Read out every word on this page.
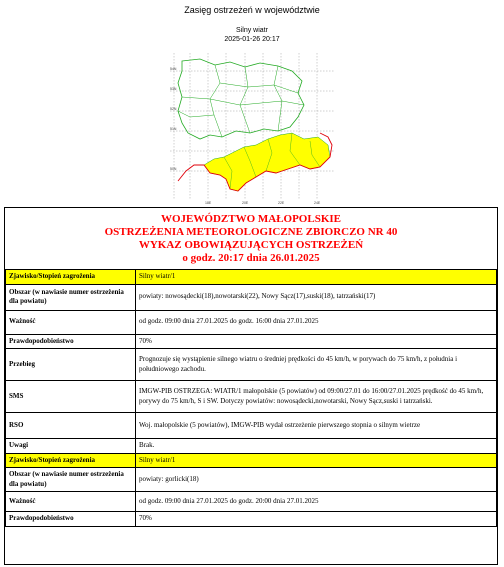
Zasięg ostrzeżeń w województwie
Silny wiatr
2025-01-26 20:17
18E	20E	22E	24E
54N
53N
52N
51N
50N
WOJEWÓDZTWO MAŁOPOLSKIE
OSTRZEŻENIA METEOROLOGICZNE ZBIORCZO NR 40
WYKAZ OBOWIĄZUJĄCYCH OSTRZEŻEŃ
o godz. 20:17 dnia 26.01.2025
Zjawisko/Stopień zagrożenia	Silny wiatr/1
Obszar (w nawiasie numer ostrzeżenia dla powiatu)	powiaty: nowosądecki(18),nowotarski(22), Nowy Sącz(17),suski(18), tatrzański(17)
Ważność	od godz. 09:00 dnia 27.01.2025 do godz. 16:00 dnia 27.01.2025
Prawdopodobieństwo	70%
Przebieg	Prognozuje się wystąpienie silnego wiatru o średniej prędkości do 45 km/h, w porywach do 75 km/h, z południa i południowego zachodu.
SMS	IMGW-PIB OSTRZEGA: WIATR/1 małopolskie (5 powiatów) od 09:00/27.01 do 16:00/27.01.2025 prędkość do 45 km/h, porywy do 75 km/h, S i SW. Dotyczy powiatów: nowosądecki,nowotarski, Nowy Sącz,suski i tatrzański.
RSO	Woj. małopolskie (5 powiatów), IMGW-PIB wydał ostrzeżenie pierwszego stopnia o silnym wietrze
Uwagi	Brak.
Zjawisko/Stopień zagrożenia	Silny wiatr/1
Obszar (w nawiasie numer ostrzeżenia dla powiatu)	powiaty: gorlicki(18)
Ważność	od godz. 09:00 dnia 27.01.2025 do godz. 20:00 dnia 27.01.2025
Prawdopodobieństwo	70%
